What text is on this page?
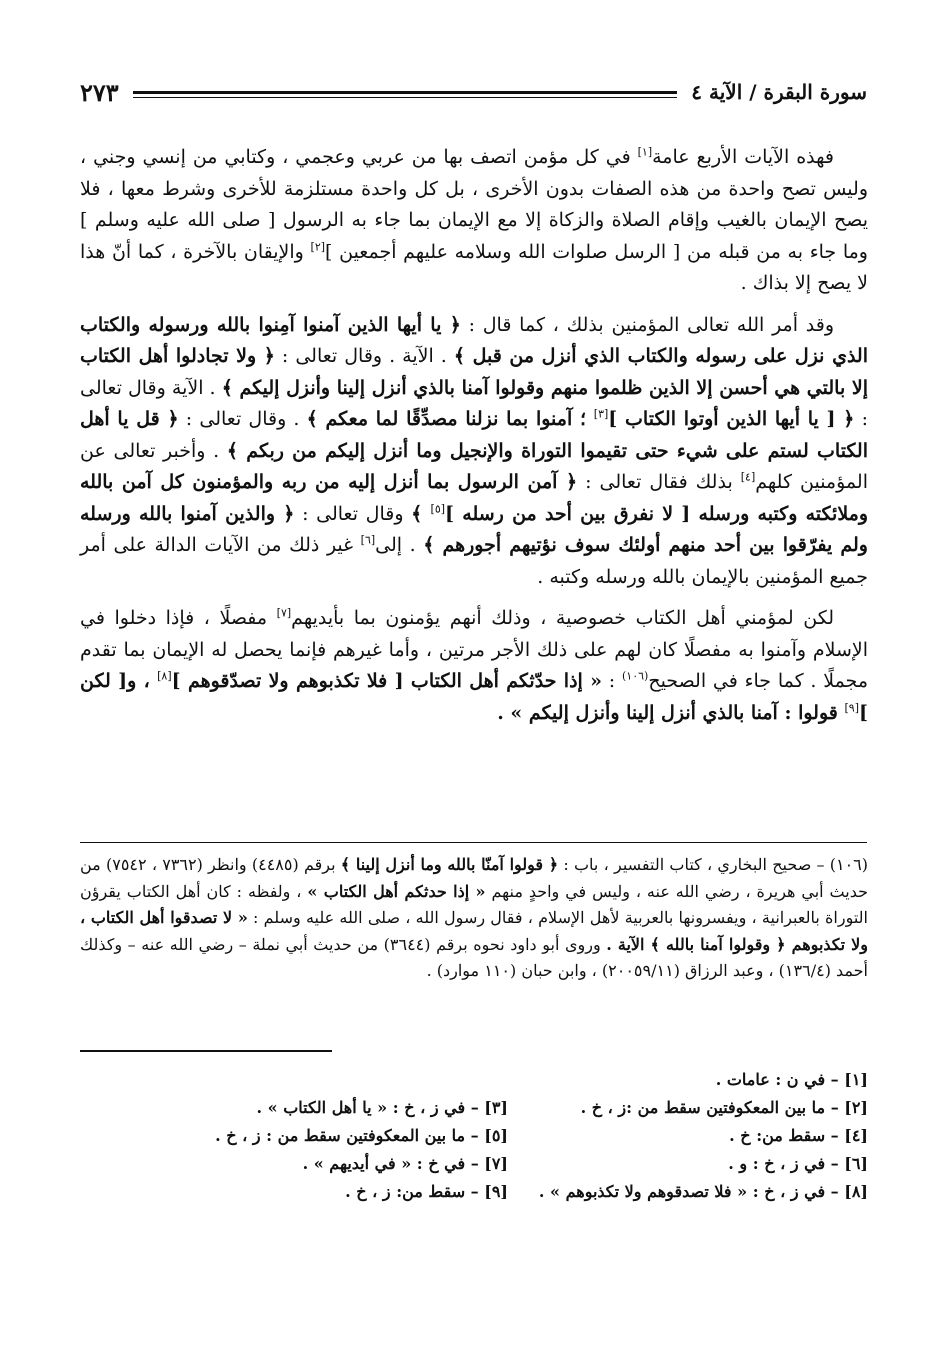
سورة البقرة / الآية ٤
٢٧٣

فهذه الآيات الأربع عامة[١] في كل مؤمن اتصف بها من عربي وعجمي ، وكتابي من إنسي وجني ، وليس تصح واحدة من هذه الصفات بدون الأخرى ، بل كل واحدة مستلزمة للأخرى وشرط معها ، فلا يصح الإيمان بالغيب وإقام الصلاة والزكاة إلا مع الإيمان بما جاء به الرسول [ صلى الله عليه وسلم ] وما جاء به من قبله من [ الرسل صلوات الله وسلامه عليهم أجمعين ][٢] والإيقان بالآخرة ، كما أنّ هذا لا يصح إلا بذاك .

وقد أمر الله تعالى المؤمنين بذلك ، كما قال : ﴿ يا أيها الذين آمنوا آمِنوا بالله ورسوله والكتاب الذي نزل على رسوله والكتاب الذي أنزل من قبل ﴾ . الآية . وقال تعالى : ﴿ ولا تجادلوا أهل الكتاب إلا بالتي هي أحسن إلا الذين ظلموا منهم وقولوا آمنا بالذي أنزل إلينا وأنزل إليكم ﴾ . الآية وقال تعالى : ﴿ [ يا أيها الذين أوتوا الكتاب ][٣] ؛ آمنوا بما نزلنا مصدِّقًا لما معكم ﴾ . وقال تعالى : ﴿ قل يا أهل الكتاب لستم على شيء حتى تقيموا التوراة والإنجيل وما أنزل إليكم من ربكم ﴾ . وأخبر تعالى عن المؤمنين كلهم[٤] بذلك فقال تعالى : ﴿ آمن الرسول بما أنزل إليه من ربه والمؤمنون كل آمن بالله وملائكته وكتبه ورسله [ لا نفرق بين أحد من رسله ][٥] ﴾ وقال تعالى : ﴿ والذين آمنوا بالله ورسله ولم يفرّقوا بين أحد منهم أولئك سوف نؤتيهم أجورهم ﴾ . إلى[٦] غير ذلك من الآيات الدالة على أمر جميع المؤمنين بالإيمان بالله ورسله وكتبه .

لكن لمؤمني أهل الكتاب خصوصية ، وذلك أنهم يؤمنون بما بأيديهم[٧] مفصلًا ، فإذا دخلوا في الإسلام وآمنوا به مفصلًا كان لهم على ذلك الأجر مرتين ، وأما غيرهم فإنما يحصل له الإيمان بما تقدم مجملًا . كما جاء في الصحيح$^{(١٠٦)}$ : « إذا حدّثكم أهل الكتاب [ فلا تكذبوهم ولا تصدّقوهم ][٨] ، و[ لكن ][٩] قولوا : آمنا بالذي أنزل إلينا وأنزل إليكم » .

(١٠٦) – صحيح البخاري ، كتاب التفسير ، باب : ﴿ قولوا آمنّا بالله وما أنزل إلينا ﴾ برقم (٤٤٨٥) وانظر (٧٣٦٢ ، ٧٥٤٢) من حديث أبي هريرة ، رضي الله عنه ، وليس في واحدٍ منهم « إذا حدثكم أهل الكتاب » ، ولفظه : كان أهل الكتاب يقرؤن التوراة بالعبرانية ، ويفسرونها بالعربية لأهل الإسلام ، فقال رسول الله ، صلى الله عليه وسلم : « لا تصدقوا أهل الكتاب ، ولا تكذبوهم ﴿ وقولوا آمنا بالله ﴾ الآية . وروى أبو داود نحوه برقم (٣٦٤٤) من حديث أبي نملة – رضي الله عنه – وكذلك أحمد (١٣٦/٤) ، وعبد الرزاق (٢٠٠٥٩/١١) ، وابن حبان (١١٠ موارد) .

[١] – في ن : عامات .
[٢] – ما بين المعكوفتين سقط من :ز ، خ .
[٣] – في ز ، خ : « يا أهل الكتاب » .
[٤] – سقط من: خ .
[٥] – ما بين المعكوفتين سقط من : ز ، خ .
[٦] – في ز ، خ : و .
[٧] – في خ : « في أيديهم » .
[٨] – في ز ، خ : « فلا تصدقوهم ولا تكذبوهم » .
[٩] – سقط من: ز ، خ .
